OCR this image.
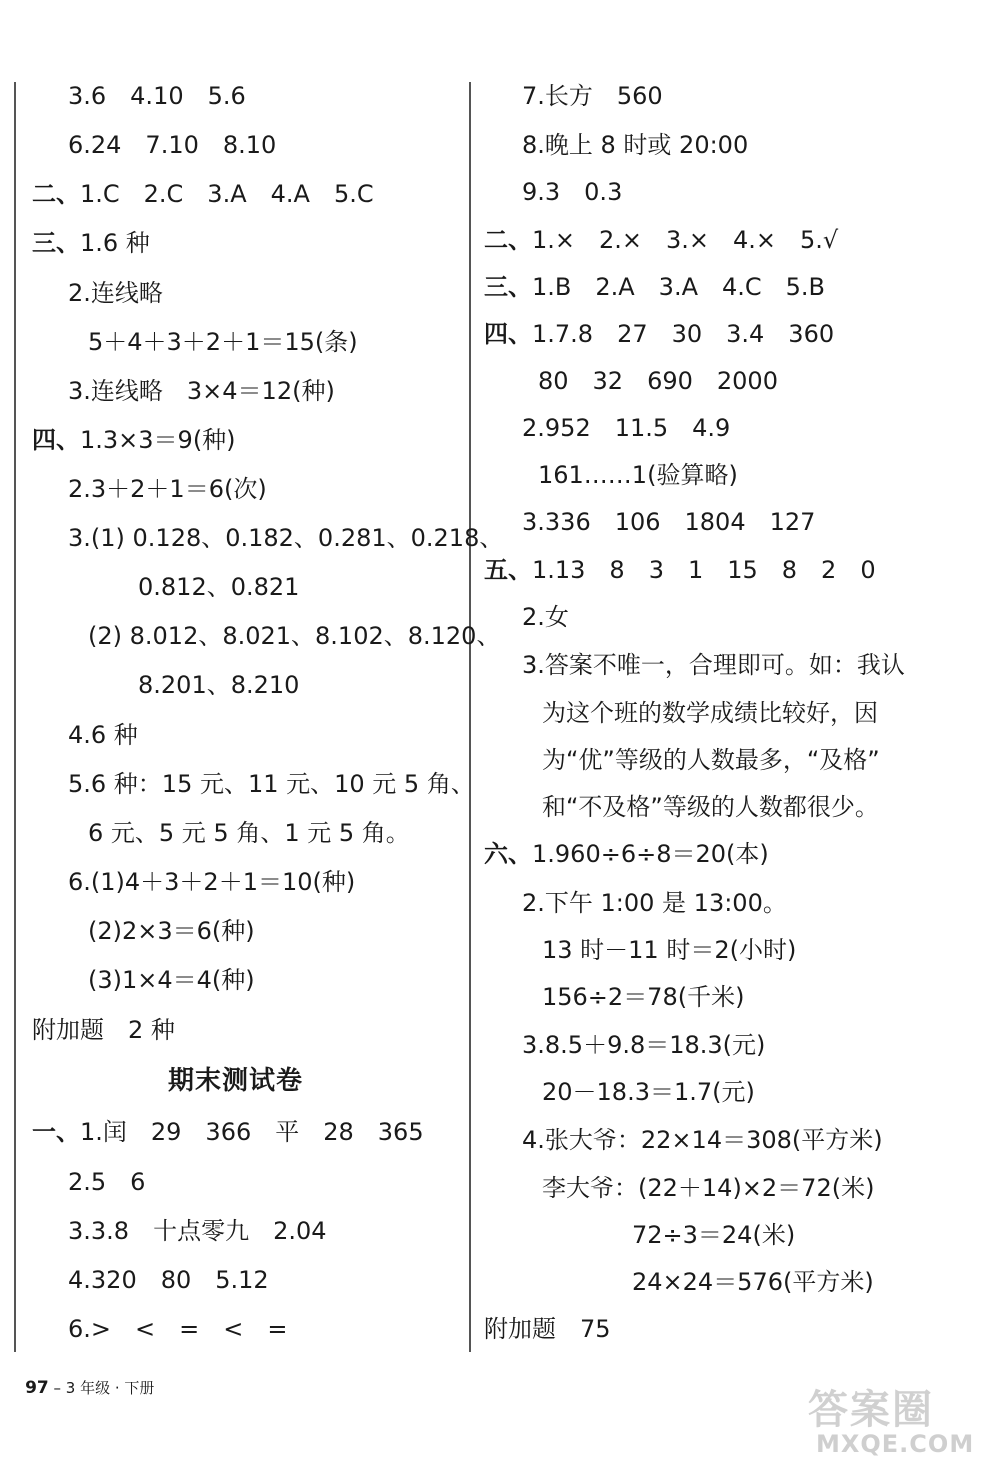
3.6　4.10　5.6
6.24　7.10　8.10
二、1.C　2.C　3.A　4.A　5.C
三、1.6 种
2.连线略
5＋4＋3＋2＋1＝15(条)
3.连线略　3×4＝12(种)
四、1.3×3＝9(种)
2.3＋2＋1＝6(次)
3.(1) 0.128、0.182、0.281、0.218、
0.812、0.821
(2) 8.012、8.021、8.102、8.120、
8.201、8.210
4.6 种
5.6 种：15 元、11 元、10 元 5 角、
6 元、5 元 5 角、1 元 5 角。
6.(1)4＋3＋2＋1＝10(种)
(2)2×3＝6(种)
(3)1×4＝4(种)
附加题　2 种
期末测试卷
一、1.闰　29　366　平　28　365
2.5　6
3.3.8　十点零九　2.04
4.320　80　5.12
6.>　<　=　<　=
7.长方　560
8.晚上 8 时或 20:00
9.3　0.3
二、1.×　2.×　3.×　4.×　5.√
三、1.B　2.A　3.A　4.C　5.B
四、1.7.8　27　30　3.4　360
80　32　690　2000
2.952　11.5　4.9
161……1(验算略)
3.336　106　1804　127
五、1.13　8　3　1　15　8　2　0
2.女
3.答案不唯一，合理即可。如：我认
为这个班的数学成绩比较好，因
为“优”等级的人数最多，“及格”
和“不及格”等级的人数都很少。
六、1.960÷6÷8＝20(本)
2.下午 1:00 是 13:00。
13 时－11 时＝2(小时)
156÷2＝78(千米)
3.8.5＋9.8＝18.3(元)
20－18.3＝1.7(元)
4.张大爷：22×14＝308(平方米)
李大爷：(22＋14)×2＝72(米)
72÷3＝24(米)
24×24＝576(平方米)
附加题　75

97 – 3 年级 · 下册
	答案圈
MXQE.COM
